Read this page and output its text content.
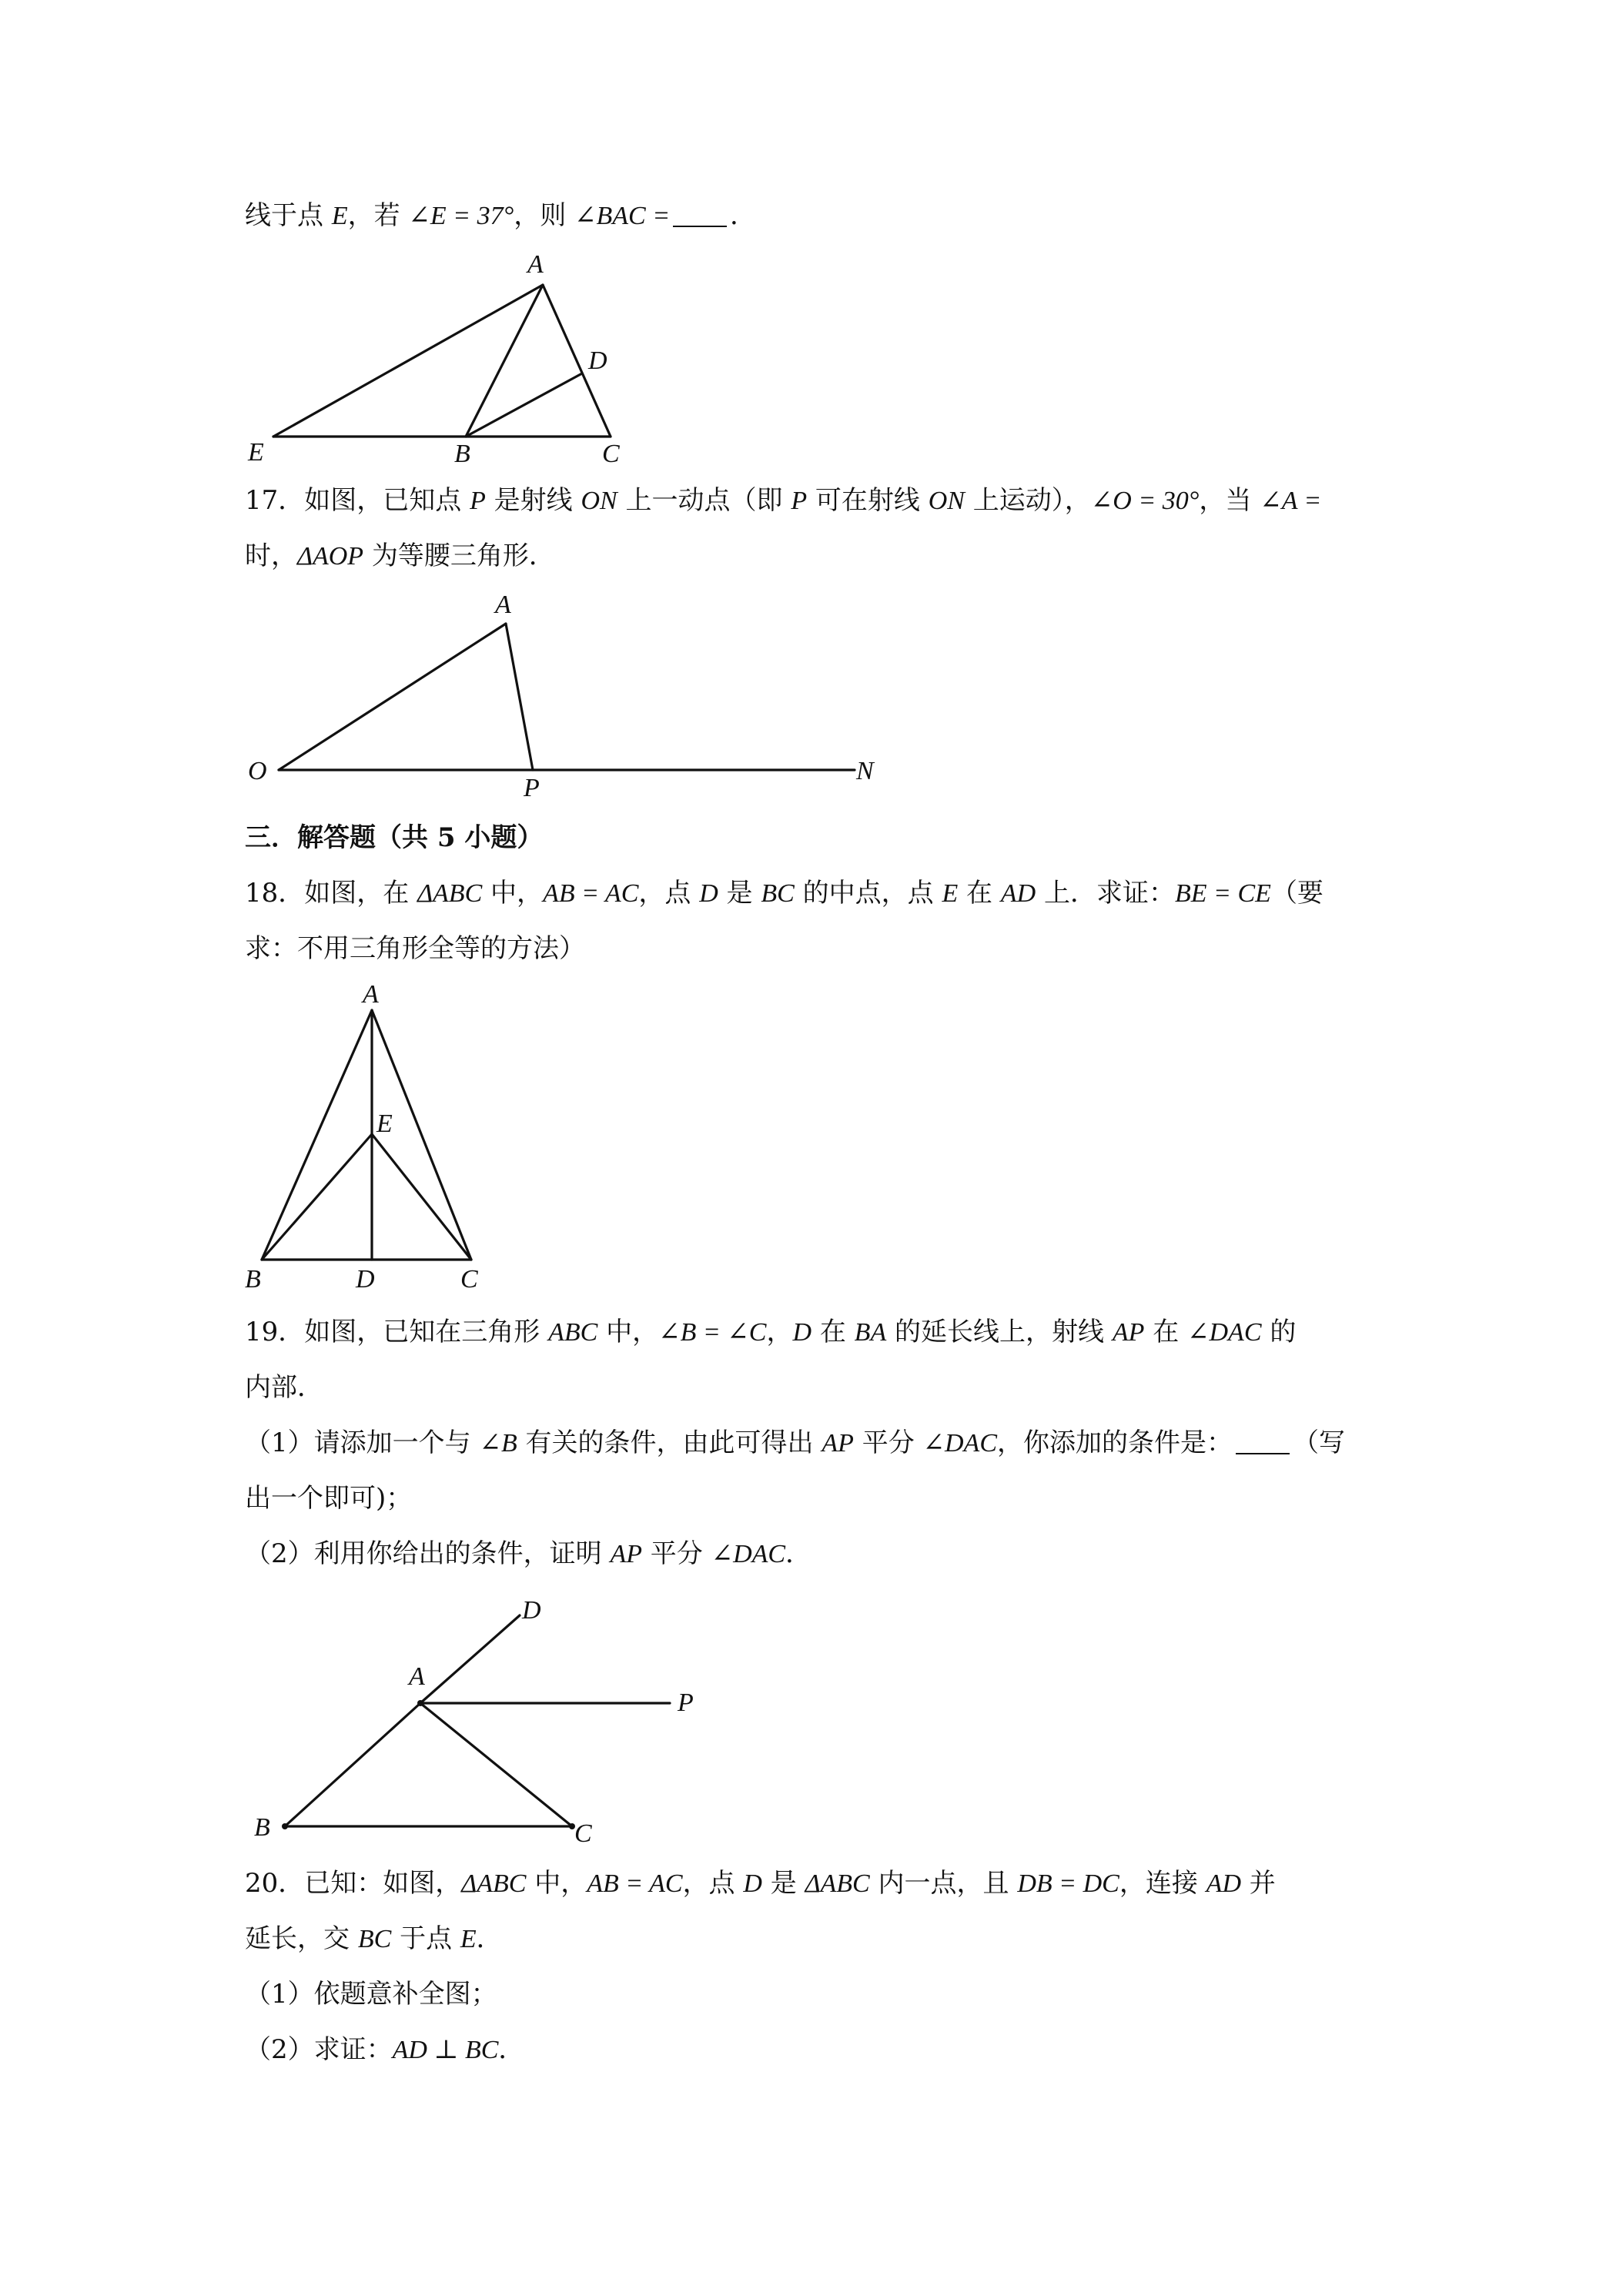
线于点 E，若 ∠E = 37°，则 ∠BAC = ．
A
D
E	B	C
17．如图，已知点 P 是射线 ON 上一动点（即 P 可在射线 ON 上运动），∠O = 30°，当 ∠A =
时，ΔAOP 为等腰三角形．
A
O
P
N
三．解答题（共 5 小题）
18．如图，在 ΔABC 中，AB = AC，点 D 是 BC 的中点，点 E 在 AD 上．求证：BE = CE（要
求：不用三角形全等的方法）
A
E
B	D	C
19．如图，已知在三角形 ABC 中，∠B = ∠C，D 在 BA 的延长线上，射线 AP 在 ∠DAC 的
内部．
（1）请添加一个与 ∠B 有关的条件，由此可得出 AP 平分 ∠DAC，你添加的条件是： （写
出一个即可)；
（2）利用你给出的条件，证明 AP 平分 ∠DAC．
D
A
P
B	C
20．已知：如图，ΔABC 中，AB = AC，点 D 是 ΔABC 内一点，且 DB = DC，连接 AD 并
延长，交 BC 于点 E．
（1）依题意补全图；
（2）求证：AD ⊥ BC．
